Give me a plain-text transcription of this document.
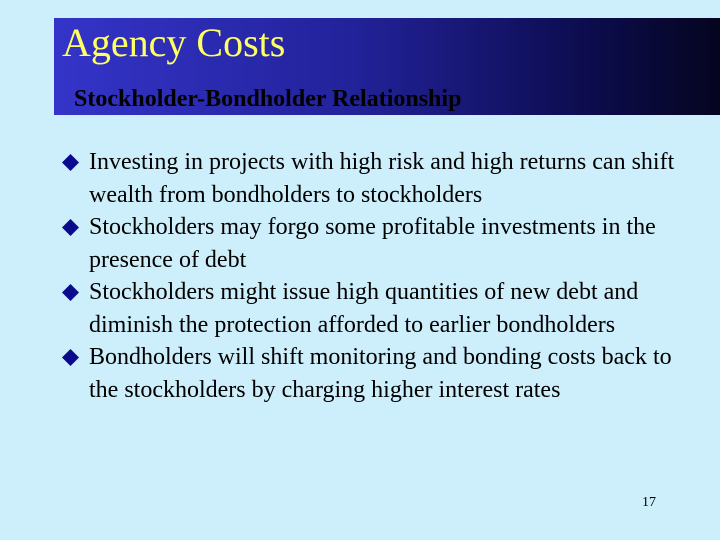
Agency Costs
Stockholder-Bondholder Relationship
Investing in projects with high risk and high returns can shift wealth from bondholders to stockholders
Stockholders may forgo some profitable investments in the presence of debt
Stockholders might issue high quantities of new debt and diminish the protection afforded to earlier bondholders
Bondholders will shift monitoring and bonding costs back to the stockholders by charging higher interest rates
17
